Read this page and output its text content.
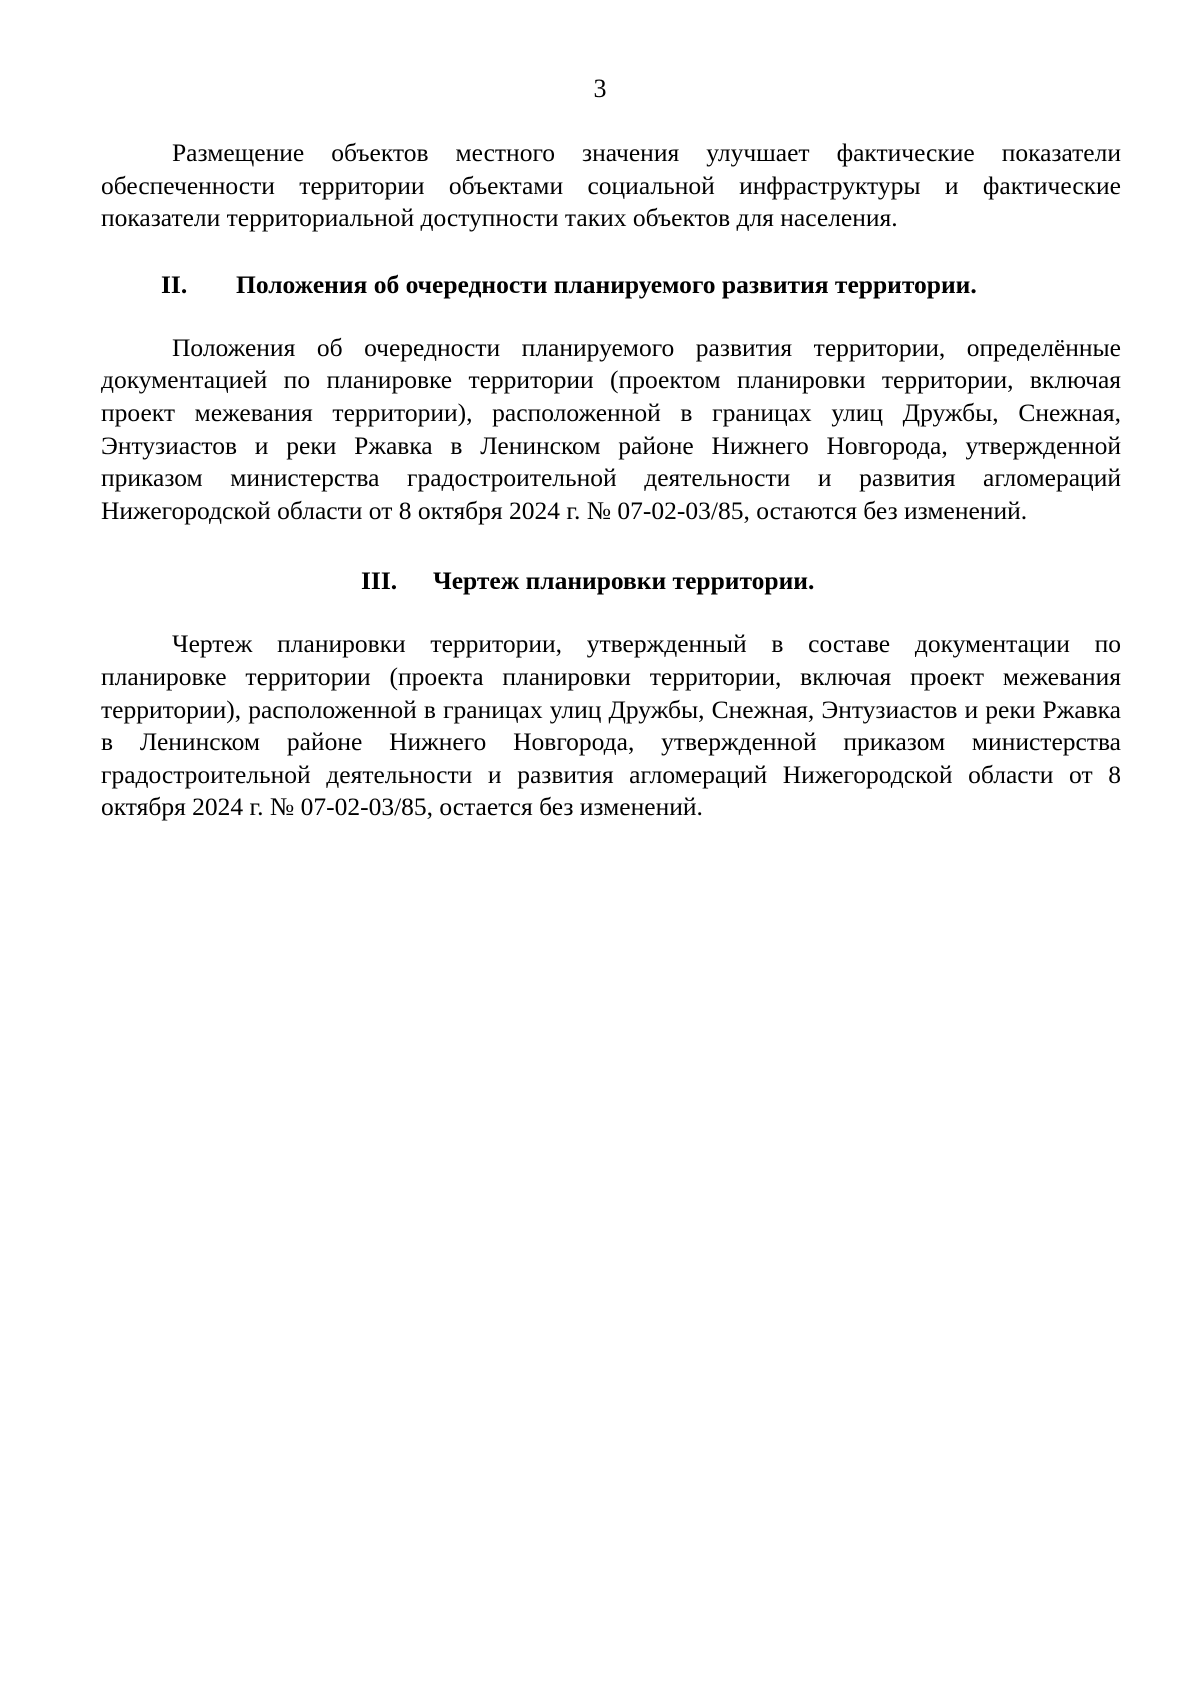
3

Размещение объектов местного значения улучшает фактические показатели обеспеченности территории объектами социальной инфраструктуры и фактические показатели территориальной доступности таких объектов для населения.

II. Положения об очередности планируемого развития территории.

Положения об очередности планируемого развития территории, определённые документацией по планировке территории (проектом планировки территории, включая проект межевания территории), расположенной в границах улиц Дружбы, Снежная, Энтузиастов и реки Ржавка в Ленинском районе Нижнего Новгорода, утвержденной приказом министерства градостроительной деятельности и развития агломераций Нижегородской области от 8 октября 2024 г. № 07-02-03/85, остаются без изменений.

III. Чертеж планировки территории.

Чертеж планировки территории, утвержденный в составе документации по планировке территории (проекта планировки территории, включая проект межевания территории), расположенной в границах улиц Дружбы, Снежная, Энтузиастов и реки Ржавка в Ленинском районе Нижнего Новгорода, утвержденной приказом министерства градостроительной деятельности и развития агломераций Нижегородской области от 8 октября 2024 г. № 07-02-03/85, остается без изменений.
